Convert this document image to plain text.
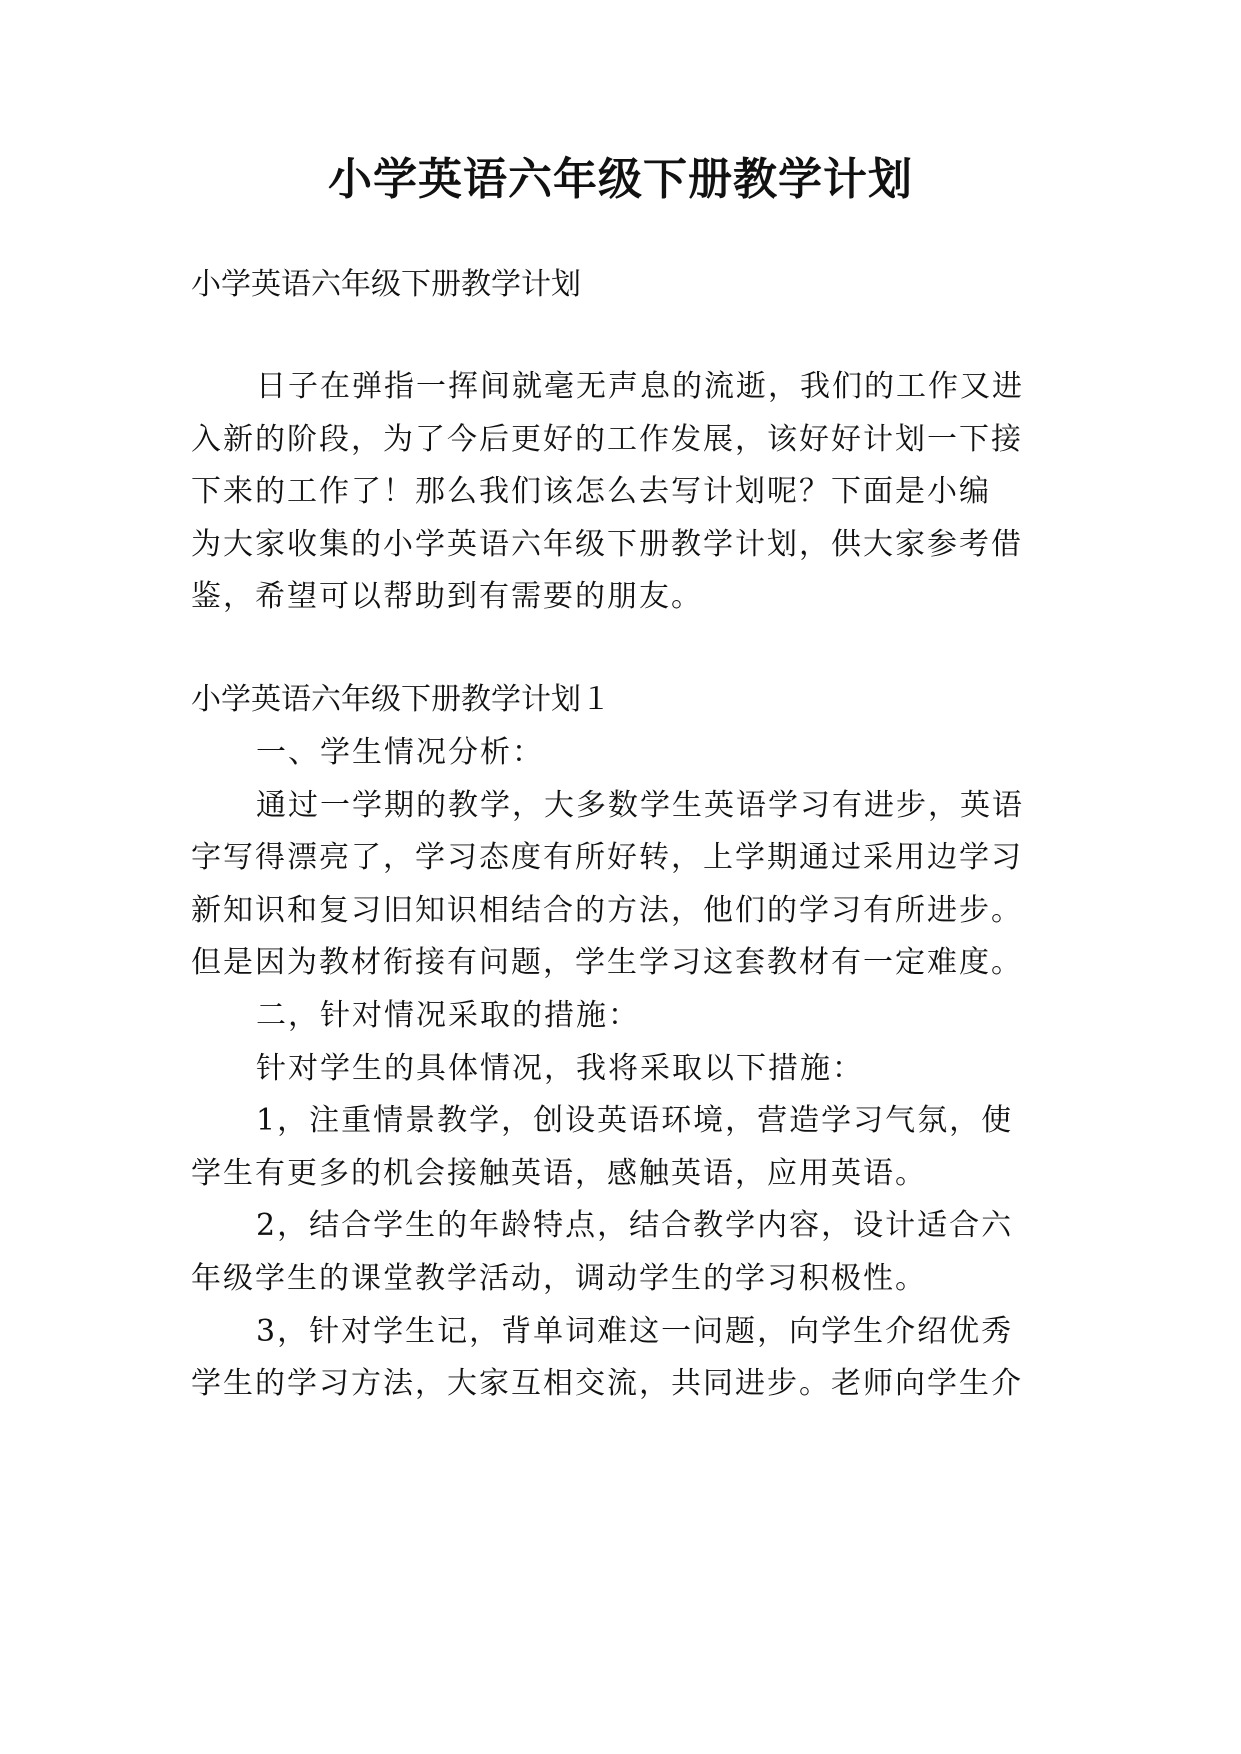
小学英语六年级下册教学计划

小学英语六年级下册教学计划

日子在弹指一挥间就毫无声息的流逝，我们的工作又进

入新的阶段，为了今后更好的工作发展，该好好计划一下接

下来的工作了！那么我们该怎么去写计划呢？下面是小编

为大家收集的小学英语六年级下册教学计划，供大家参考借

鉴，希望可以帮助到有需要的朋友。

小学英语六年级下册教学计划１

一、学生情况分析：

通过一学期的教学，大多数学生英语学习有进步，英语

字写得漂亮了，学习态度有所好转，上学期通过采用边学习

新知识和复习旧知识相结合的方法，他们的学习有所进步。

但是因为教材衔接有问题，学生学习这套教材有一定难度。

二，针对情况采取的措施：

针对学生的具体情况，我将采取以下措施：

1，注重情景教学，创设英语环境，营造学习气氛，使

学生有更多的机会接触英语，感触英语，应用英语。

2，结合学生的年龄特点，结合教学内容，设计适合六

年级学生的课堂教学活动，调动学生的学习积极性。

3，针对学生记，背单词难这一问题，向学生介绍优秀

学生的学习方法，大家互相交流，共同进步。老师向学生介
